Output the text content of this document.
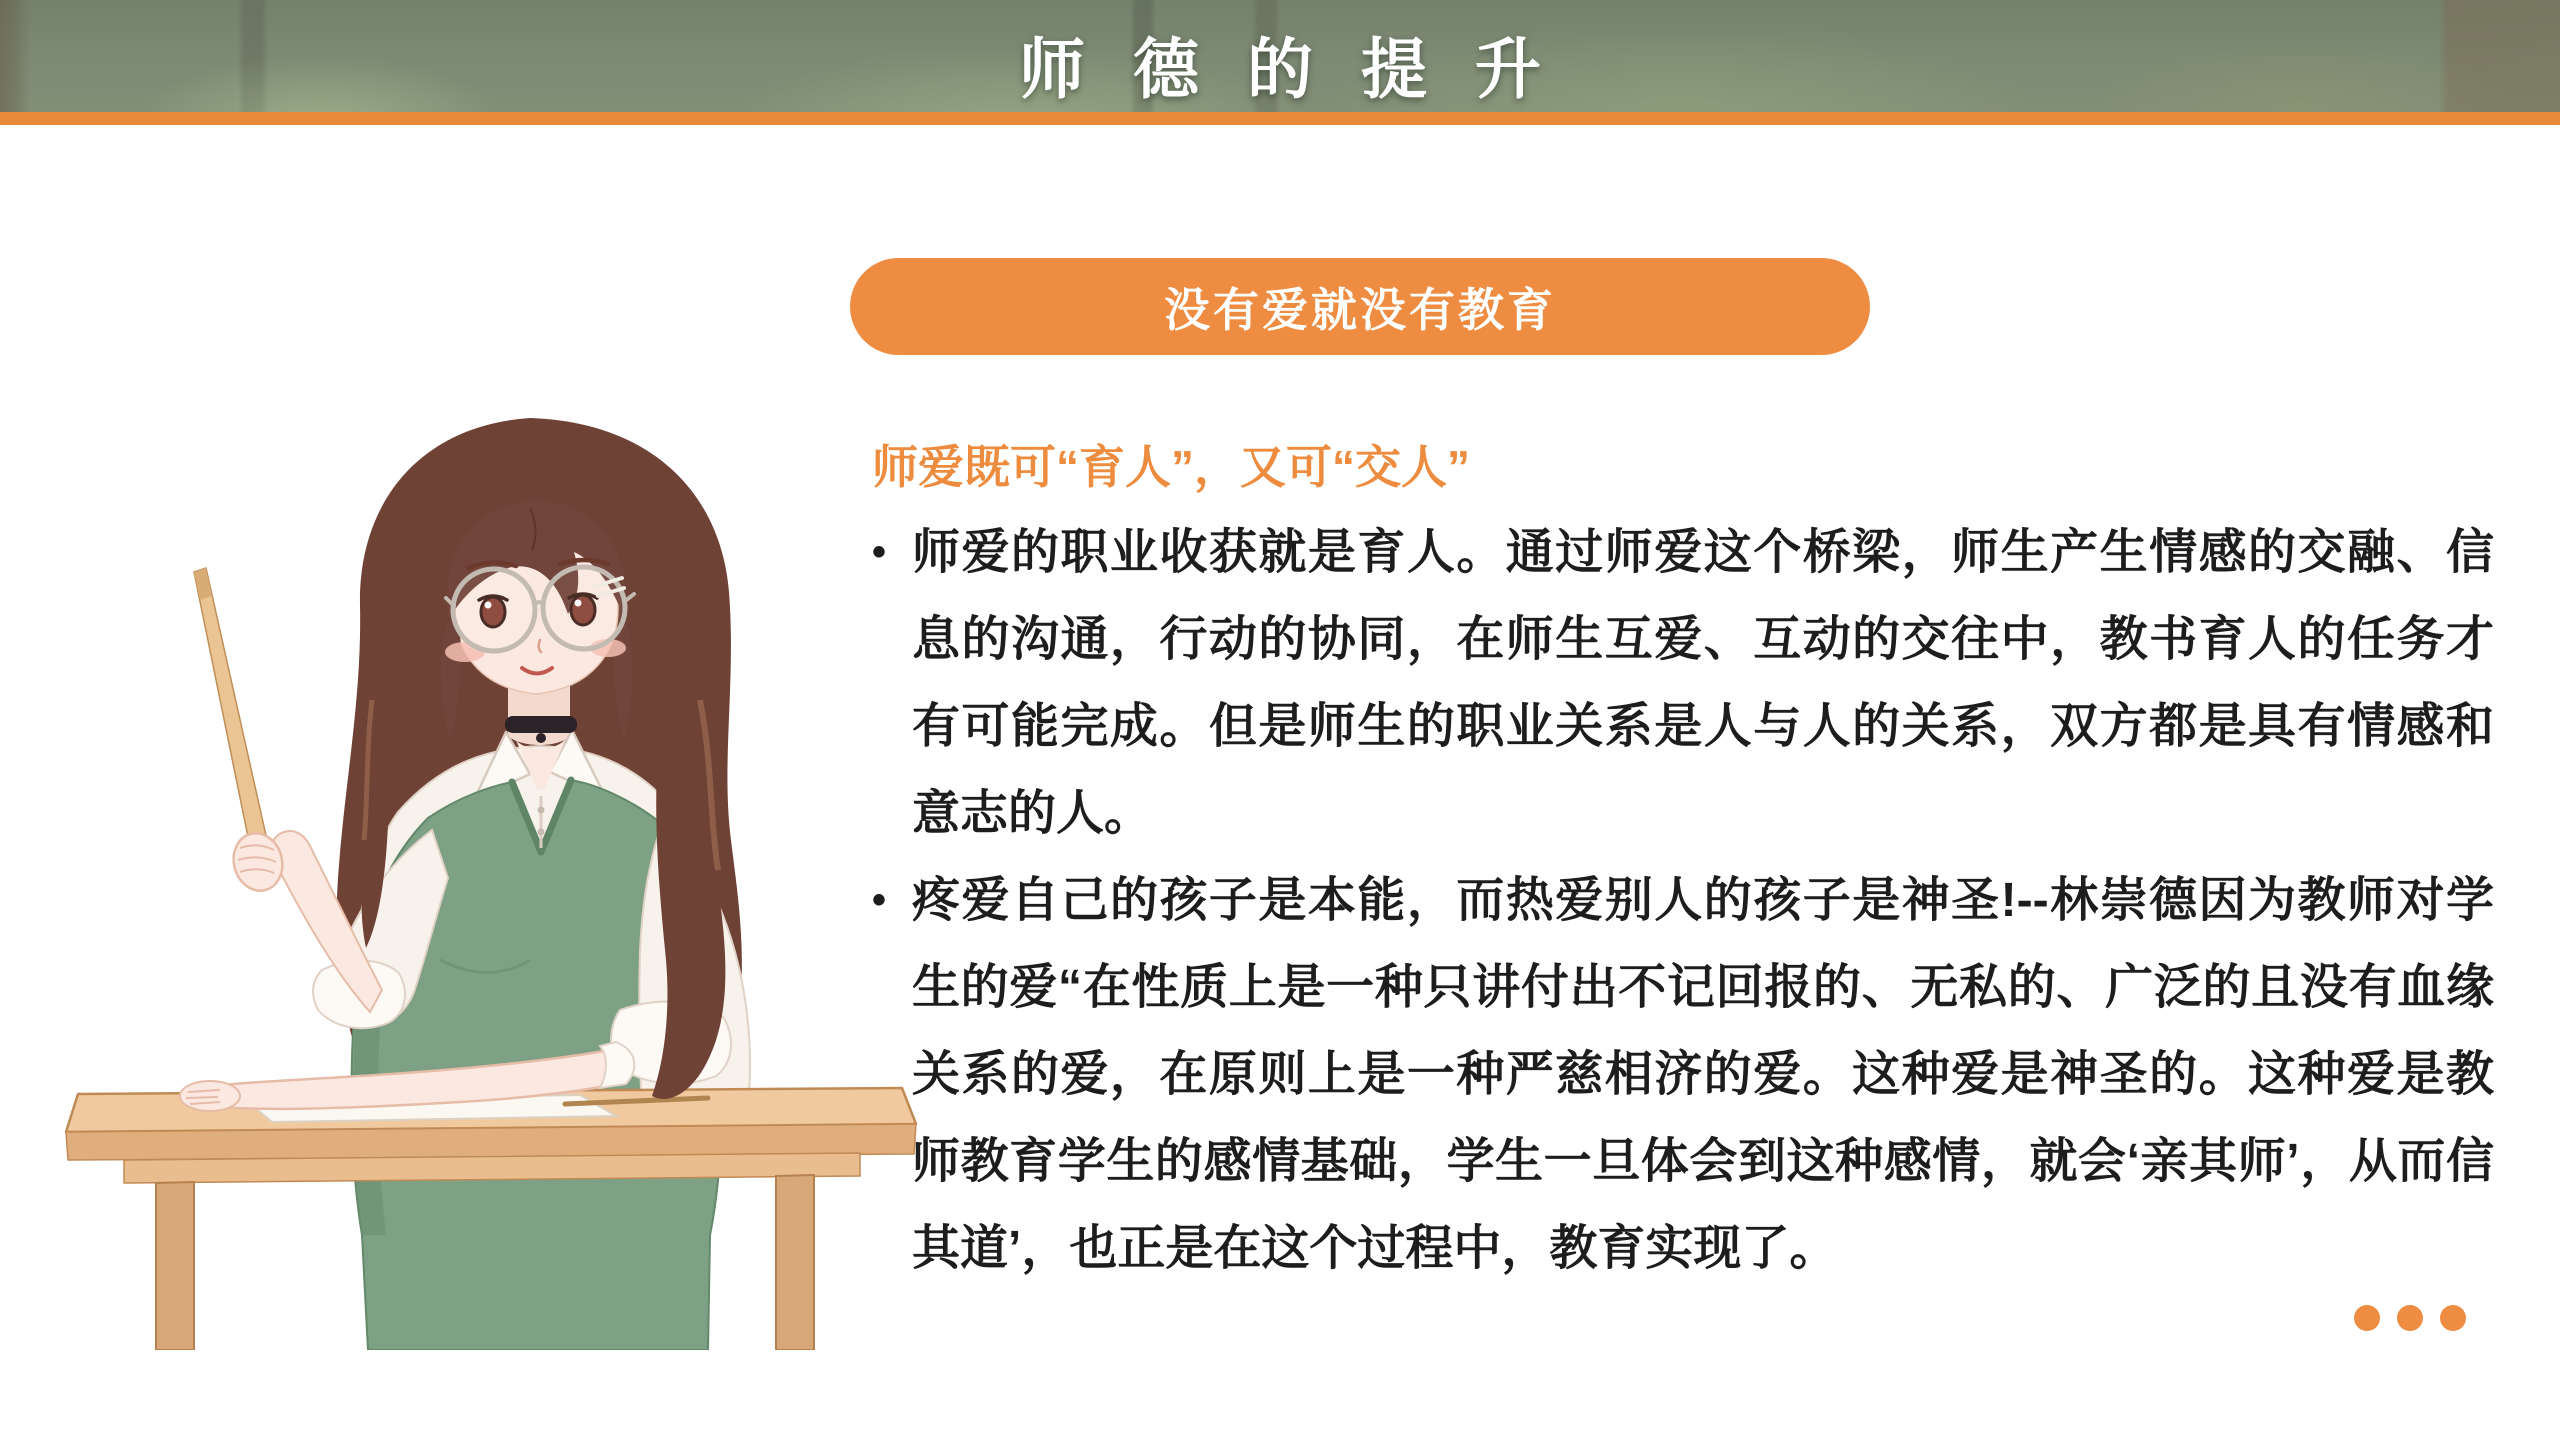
师德的提升
没有爱就没有教育
师爱既可“育人”，又可“交人”
• 师爱的职业收获就是育人。通过师爱这个桥梁，师生产生情感的交融、信息的沟通，行动的协同，在师生互爱、互动的交往中，教书育人的任务才有可能完成。但是师生的职业关系是人与人的关系，双方都是具有情感和意志的人。
• 疼爱自己的孩子是本能，而热爱别人的孩子是神圣!--林崇德因为教师对学生的爱“在性质上是一种只讲付出不记回报的、无私的、广泛的且没有血缘关系的爱，在原则上是一种严慈相济的爱。这种爱是神圣的。这种爱是教师教育学生的感情基础，学生一旦体会到这种感情，就会‘亲其师’，从而信其道’，也正是在这个过程中，教育实现了。
